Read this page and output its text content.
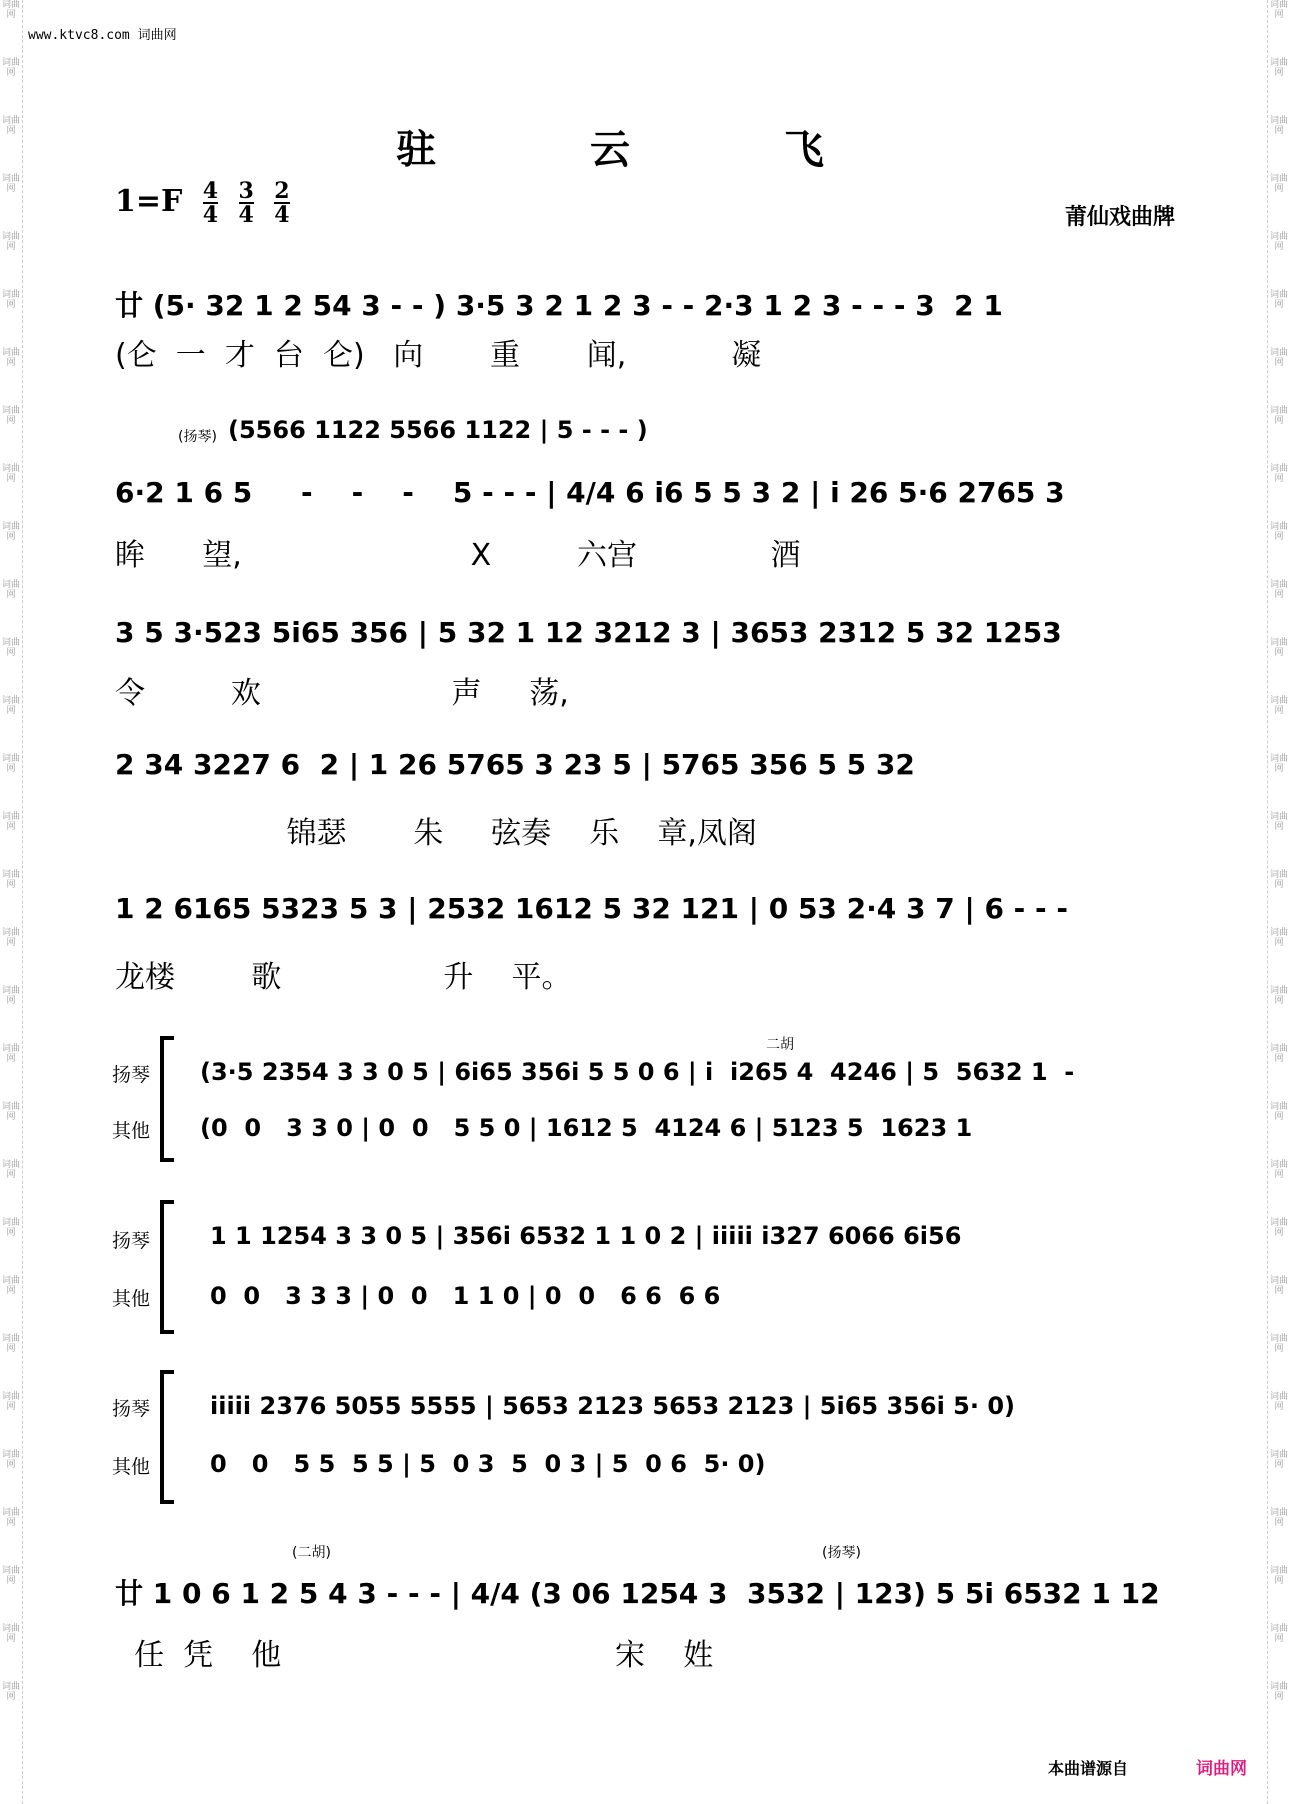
词曲网
词曲网
词曲网
词曲网
词曲网
词曲网
词曲网
词曲网
词曲网
词曲网
词曲网
词曲网
词曲网
词曲网
词曲网
词曲网
词曲网
词曲网
词曲网
词曲网
词曲网
词曲网
词曲网
词曲网
词曲网
词曲网
词曲网
词曲网
词曲网
词曲网
词曲网
词曲网
词曲网
词曲网
词曲网
词曲网
词曲网
词曲网
词曲网
词曲网
词曲网
词曲网
词曲网
词曲网
词曲网
词曲网
词曲网
词曲网
词曲网
词曲网
词曲网
词曲网
词曲网
词曲网
词曲网
词曲网
词曲网
词曲网
词曲网
词曲网
www.ktvc8.com 词曲网
驻 云 飞
$1=F \frac{4}{4} \frac{3}{4} \frac{2}{4}$	莆仙戏曲牌
廿 (5· 32 1 2 54 3 - - ) 3·5 3 2 1 2 3 - - 2·3 1 2 3 - - - 3  2 1
(仑  一  才  台  仑)   向       重       闻,           凝
(扬琴) (5566 1122 5566 1122 | 5 - - - )
6·2 1 6 5     -    -    -    5 - - - | 4/4 6 i6 5 5 3 2 | i 26 5·6 2765 3
眸      望,                        X         六宫              酒
3 5 3·523 5i65 356 | 5 32 1 12 3212 3 | 3653 2312 5 32 1253
令         欢                    声     荡,
2 34 3227 6  2 | 1 26 5765 3 23 5 | 5765 356 5 5 32
锦瑟       朱     弦奏    乐    章,凤阁
1 2 6165 5323 5 3 | 2532 1612 5 32 121 | 0 53 2·4 3 7 | 6 - - -
龙楼        歌                 升    平。
二胡
扬琴 (3·5 2354 3 3 0 5 | 6i65 356i 5 5 0 6 | i  i265 4  4246 | 5  5632 1  -
其他 (0  0   3 3 0 | 0  0   5 5 0 | 1612 5  4124 6 | 5123 5  1623 1
扬琴 1 1 1254 3 3 0 5 | 356i 6532 1 1 0 2 | iiiii i327 6066 6i56
其他 0  0   3 3 3 | 0  0   1 1 0 | 0  0   6 6  6 6
扬琴 iiiii 2376 5055 5555 | 5653 2123 5653 2123 | 5i65 356i 5· 0)
其他 0   0   5 5  5 5 | 5  0 3  5  0 3 | 5  0 6  5· 0)
(二胡)	(扬琴)
廿 1 0 6 1 2 5 4 3 - - - | 4/4 (3 06 1254 3  3532 | 123) 5 5i 6532 1 12
任  凭    他                                   宋    姓
本曲谱源自	词曲网
